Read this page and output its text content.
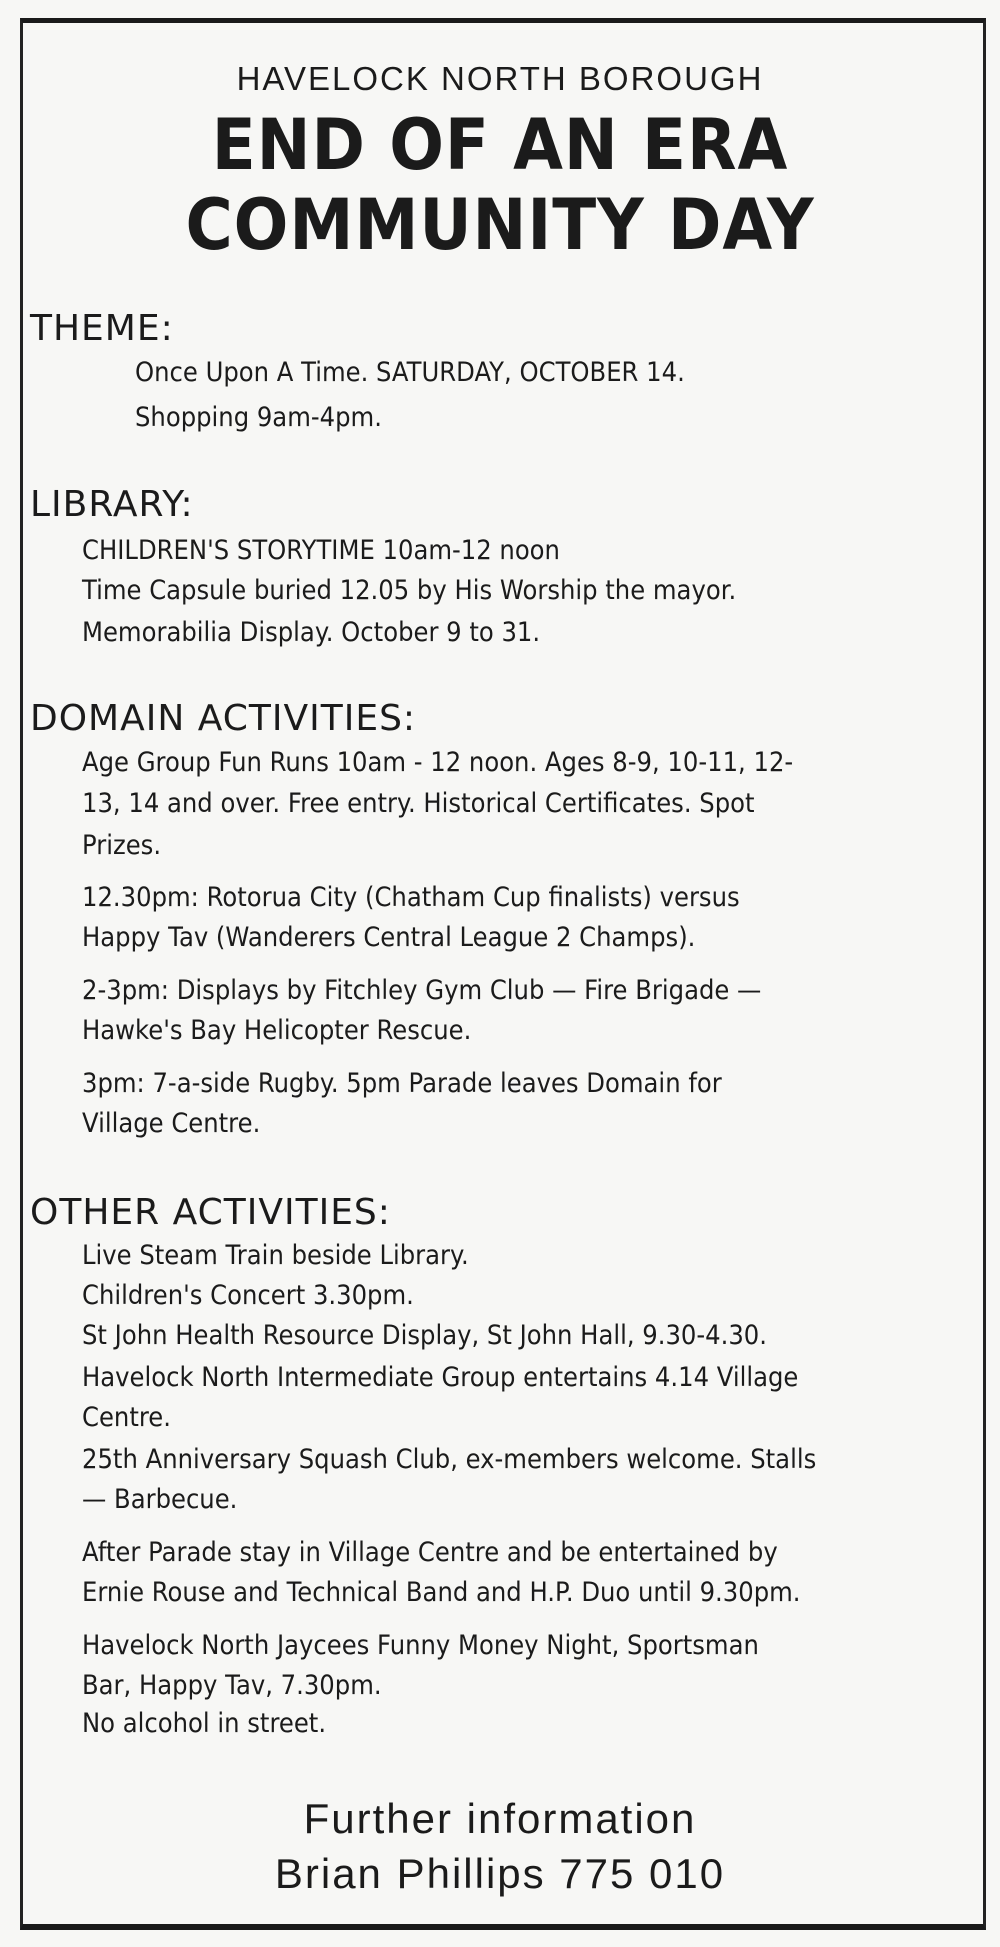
HAVELOCK NORTH BOROUGH
END OF AN ERA
COMMUNITY DAY
THEME:
Once Upon A Time. SATURDAY, OCTOBER 14.
Shopping 9am-4pm.
LIBRARY:
CHILDREN'S STORYTIME 10am-12 noon
Time Capsule buried 12.05 by His Worship the mayor.
Memorabilia Display. October 9 to 31.
DOMAIN ACTIVITIES:
Age Group Fun Runs 10am - 12 noon. Ages 8-9, 10-11, 12-
13, 14 and over. Free entry. Historical Certificates. Spot
Prizes.
12.30pm: Rotorua City (Chatham Cup finalists) versus
Happy Tav (Wanderers Central League 2 Champs).
2-3pm: Displays by Fitchley Gym Club — Fire Brigade —
Hawke's Bay Helicopter Rescue.
3pm: 7-a-side Rugby. 5pm Parade leaves Domain for
Village Centre.
OTHER ACTIVITIES:
Live Steam Train beside Library.
Children's Concert 3.30pm.
St John Health Resource Display, St John Hall, 9.30-4.30.
Havelock North Intermediate Group entertains 4.14 Village
Centre.
25th Anniversary Squash Club, ex-members welcome. Stalls
— Barbecue.
After Parade stay in Village Centre and be entertained by
Ernie Rouse and Technical Band and H.P. Duo until 9.30pm.
Havelock North Jaycees Funny Money Night, Sportsman
Bar, Happy Tav, 7.30pm.
No alcohol in street.
Further information
Brian Phillips 775 010
